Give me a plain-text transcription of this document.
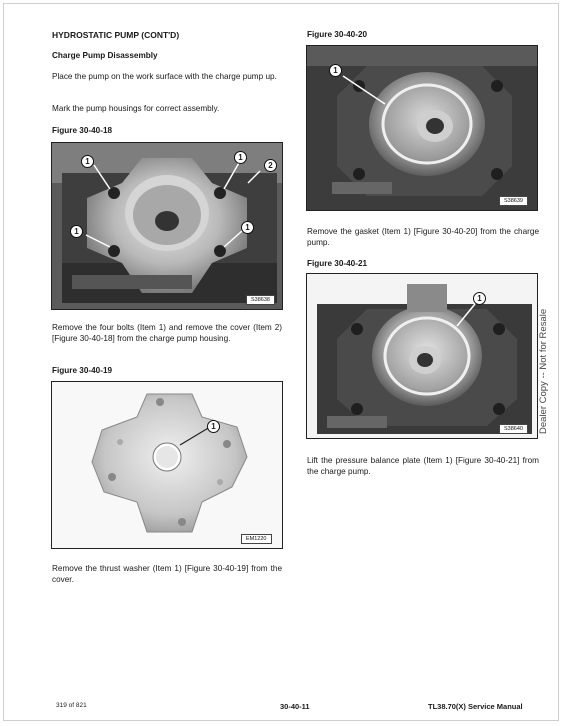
HYDROSTATIC PUMP (CONT'D)
Charge Pump Disassembly
Place the pump on the work surface with the charge pump up.
Mark the pump housings for correct assembly.
Figure 30-40-18
1	1
2
1	1
S38638
Remove the four bolts (Item 1) and remove the cover (Item 2) [Figure 30-40-18] from the charge pump housing.
Figure 30-40-19
1
EM1220
Remove the thrust washer (Item 1) [Figure 30-40-19] from the cover.
Figure 30-40-20
1
S38639
Remove the gasket (Item 1) [Figure 30-40-20] from the charge pump.
Figure 30-40-21
1
S38640
Lift the pressure balance plate (Item 1) [Figure 30-40-21] from the charge pump.
Dealer Copy -- Not for Resale
319 of 821	30-40-11	TL38.70(X) Service Manual
